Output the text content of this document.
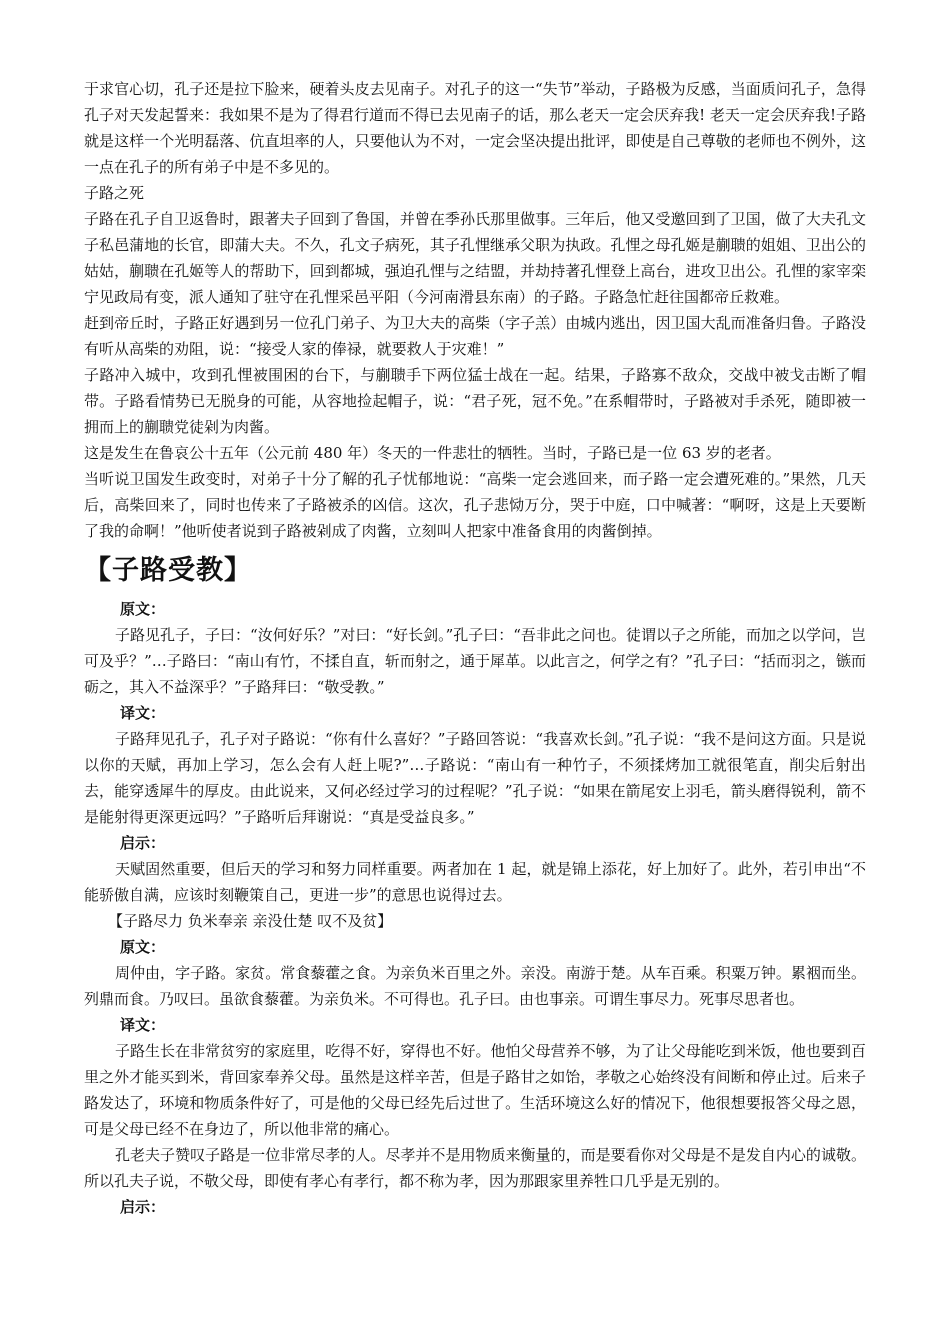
于求官心切，孔子还是拉下脸来，硬着头皮去见南子。对孔子的这一“失节”举动，子路极为反感，当面质问孔子，急得孔子对天发起誓来：我如果不是为了得君行道而不得已去见南子的话，那么老天一定会厌弃我! 老天一定会厌弃我!子路就是这样一个光明磊落、伉直坦率的人，只要他认为不对，一定会坚决提出批评，即使是自己尊敬的老师也不例外，这一点在孔子的所有弟子中是不多见的。

子路之死

子路在孔子自卫返鲁时，跟著夫子回到了鲁国，并曾在季孙氏那里做事。三年后，他又受邀回到了卫国，做了大夫孔文子私邑蒲地的长官，即蒲大夫。不久，孔文子病死，其子孔悝继承父职为执政。孔悝之母孔姬是蒯聩的姐姐、卫出公的姑姑，蒯聩在孔姬等人的帮助下，回到都城，强迫孔悝与之结盟，并劫持著孔悝登上高台，进攻卫出公。孔悝的家宰栾宁见政局有变，派人通知了驻守在孔悝采邑平阳（今河南滑县东南）的子路。子路急忙赶往国都帝丘救难。

赶到帝丘时，子路正好遇到另一位孔门弟子、为卫大夫的高柴（字子羔）由城内逃出，因卫国大乱而准备归鲁。子路没有听从高柴的劝阻，说：“接受人家的俸禄，就要救人于灾难！”

子路冲入城中，攻到孔悝被围困的台下，与蒯聩手下两位猛士战在一起。结果，子路寡不敌众，交战中被戈击断了帽带。子路看情势已无脱身的可能，从容地捡起帽子，说：“君子死，冠不免。”在系帽带时，子路被对手杀死，随即被一拥而上的蒯聩党徒剁为肉酱。

这是发生在鲁哀公十五年（公元前 480 年）冬天的一件悲壮的牺牲。当时，子路已是一位 63 岁的老者。

当听说卫国发生政变时，对弟子十分了解的孔子忧郁地说：“高柴一定会逃回来，而子路一定会遭死难的。”果然，几天后，高柴回来了，同时也传来了子路被杀的凶信。这次，孔子悲恸万分，哭于中庭，口中喊著：“啊呀，这是上天要断了我的命啊！”他听使者说到子路被剁成了肉酱，立刻叫人把家中准备食用的肉酱倒掉。

【子路受教】

原文：

子路见孔子，子曰：“汝何好乐？”对曰：“好长剑。”孔子曰：“吾非此之问也。徒谓以子之所能，而加之以学问，岂可及乎？”…子路曰：“南山有竹，不揉自直，斩而射之，通于犀革。以此言之，何学之有？”孔子曰：“括而羽之，镞而砺之，其入不益深乎？”子路拜曰：“敬受教。”

译文：

子路拜见孔子，孔子对子路说：“你有什么喜好？”子路回答说：“我喜欢长剑。”孔子说：“我不是问这方面。只是说以你的天赋，再加上学习，怎么会有人赶上呢?”…子路说：“南山有一种竹子，不须揉烤加工就很笔直，削尖后射出去，能穿透犀牛的厚皮。由此说来，又何必经过学习的过程呢？”孔子说：“如果在箭尾安上羽毛，箭头磨得锐利，箭不是能射得更深更远吗？”子路听后拜谢说：“真是受益良多。”

启示：

天赋固然重要，但后天的学习和努力同样重要。两者加在 1 起，就是锦上添花，好上加好了。此外，若引申出“不能骄傲自满，应该时刻鞭策自己，更进一步”的意思也说得过去。

【子路尽力 负米奉亲 亲没仕楚 叹不及贫】

原文：

周仲由，字子路。家贫。常食藜藿之食。为亲负米百里之外。亲没。南游于楚。从车百乘。积粟万钟。累裀而坐。列鼎而食。乃叹曰。虽欲食藜藿。为亲负米。不可得也。孔子曰。由也事亲。可谓生事尽力。死事尽思者也。

译文：

子路生长在非常贫穷的家庭里，吃得不好，穿得也不好。他怕父母营养不够，为了让父母能吃到米饭，他也要到百里之外才能买到米，背回家奉养父母。虽然是这样辛苦，但是子路甘之如饴，孝敬之心始终没有间断和停止过。后来子路发达了，环境和物质条件好了，可是他的父母已经先后过世了。生活环境这么好的情况下，他很想要报答父母之恩，可是父母已经不在身边了，所以他非常的痛心。

孔老夫子赞叹子路是一位非常尽孝的人。尽孝并不是用物质来衡量的，而是要看你对父母是不是发自内心的诚敬。所以孔夫子说，不敬父母，即使有孝心有孝行，都不称为孝，因为那跟家里养牲口几乎是无别的。

启示：
